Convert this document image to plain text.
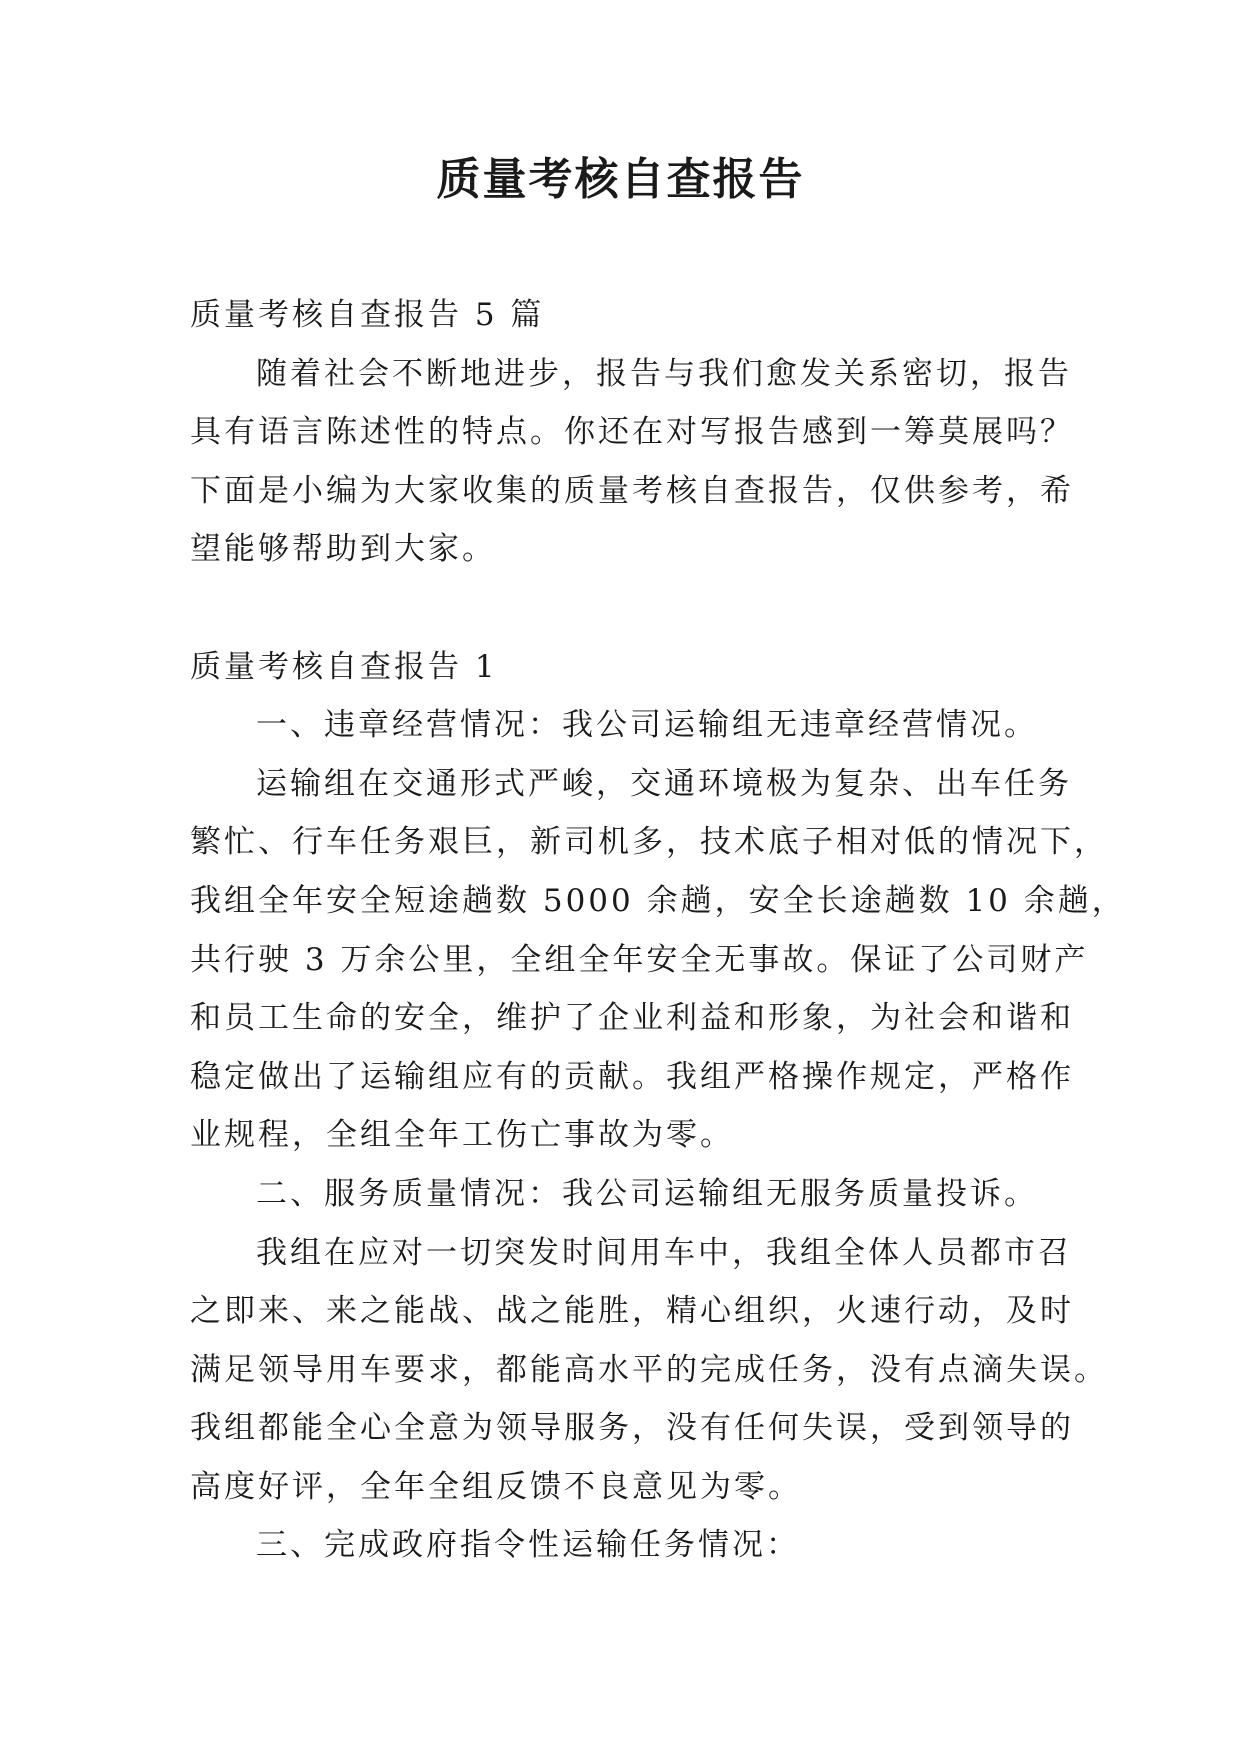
质量考核自查报告

质量考核自查报告 5 篇

随着社会不断地进步，报告与我们愈发关系密切，报告

具有语言陈述性的特点。你还在对写报告感到一筹莫展吗？

下面是小编为大家收集的质量考核自查报告，仅供参考，希

望能够帮助到大家。

质量考核自查报告 1

一、违章经营情况：我公司运输组无违章经营情况。

运输组在交通形式严峻，交通环境极为复杂、出车任务

繁忙、行车任务艰巨，新司机多，技术底子相对低的情况下，

我组全年安全短途趟数 5000 余趟，安全长途趟数 10 余趟，

共行驶 3 万余公里，全组全年安全无事故。保证了公司财产

和员工生命的安全，维护了企业利益和形象，为社会和谐和

稳定做出了运输组应有的贡献。我组严格操作规定，严格作

业规程，全组全年工伤亡事故为零。

二、服务质量情况：我公司运输组无服务质量投诉。

我组在应对一切突发时间用车中，我组全体人员都市召

之即来、来之能战、战之能胜，精心组织，火速行动，及时

满足领导用车要求，都能高水平的完成任务，没有点滴失误。

我组都能全心全意为领导服务，没有任何失误，受到领导的

高度好评，全年全组反馈不良意见为零。

三、完成政府指令性运输任务情况：
